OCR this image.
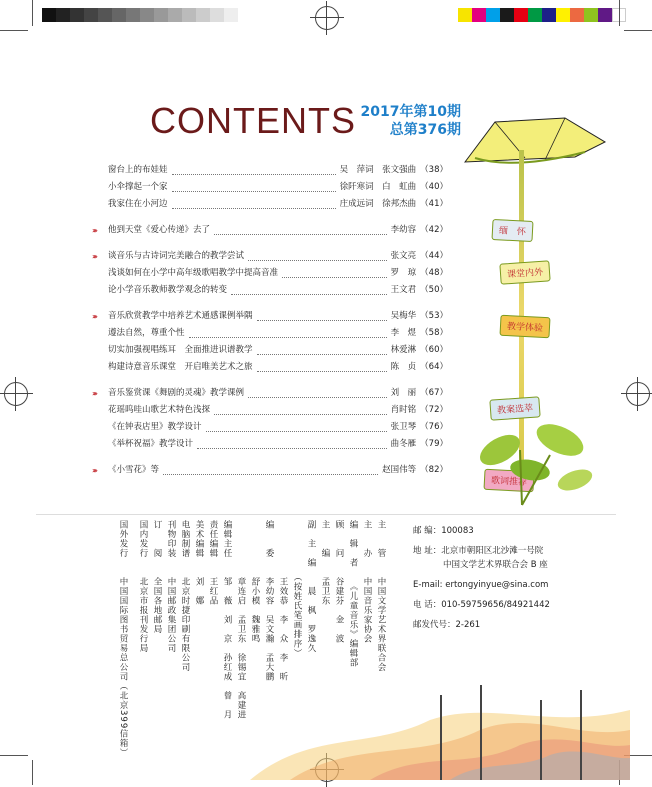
CONTENTS 2017年第10期
总第376期
窗台上的布娃娃	吴　萍词　张文强曲 （38）
小伞撑起一个家	徐阡寒词　白　虹曲 （40）
我家住在小河边	庄成远词　徐邦杰曲 （41）
››› 他到天堂《爱心传递》去了	李幼容 （42）
››› 谈音乐与古诗词完美融合的教学尝试	张文亮 （44）
浅谈如何在小学中高年级歌唱教学中提高音准	罗　琼 （48）
论小学音乐教师教学观念的转变	王文君 （50）
››› 音乐欣赏教学中培养艺术通感课例举隅	吴梅华 （53）
遵法自然，尊重个性	李　煜 （58）
切实加强视唱练耳　全面推进识谱教学	林爱淋 （60）
构建诗意音乐课堂　开启唯美艺术之旅	陈　贞 （64）
››› 音乐鉴赏课《舞剧的灵魂》教学课例	刘　丽 （67）
花瑶呜哇山歌艺术特色浅探	肖时铭 （72）
《在钟表店里》教学设计	张卫琴 （76）
《举杯祝福》教学设计	曲冬雁 （79）
››› 《小雪花》等	赵国伟等 （82）
缅　怀
课堂内外
教学体验
教案选萃
歌词推荐
主　　管　　中国文学艺术界联合会
主　　办　　中国音乐家协会
编　辑　者　　《儿童音乐》编辑部
顾　　问　　谷建芬　金　波
主　　编　　孟卫东
副　主　编　　晨　枫　罗逸久
　　　　　　（按姓氏笔画排序）
　　　　　　王效恭　李　众　李　昕
编　　委　　李幼容　吴文瀚　孟大鹏
　　　　　　舒小模　魏雅鸣
　　　　　　章连启　孟卫东　徐锡宜　高建进
编辑主任　　邹　薇　刘　京　孙红成　曾　月
责任编辑　　王红品
美术编辑　　刘　娜
电脑制谱　　北京时捷印刷有限公司
刊物印装　　中国邮政集团公司
订　　阅　　全国各地邮局
国内发行　　北京市报刊发行局
国外发行　　中国国际图书贸易总公司（北京399信箱）	邮 编：100083
地 址：北京市朝阳区北沙滩一号院
中国文学艺术界联合会 B 座
E-mail: ertongyinyue@sina.com
电 话：010-59759656/84921442
邮发代号：2-261
